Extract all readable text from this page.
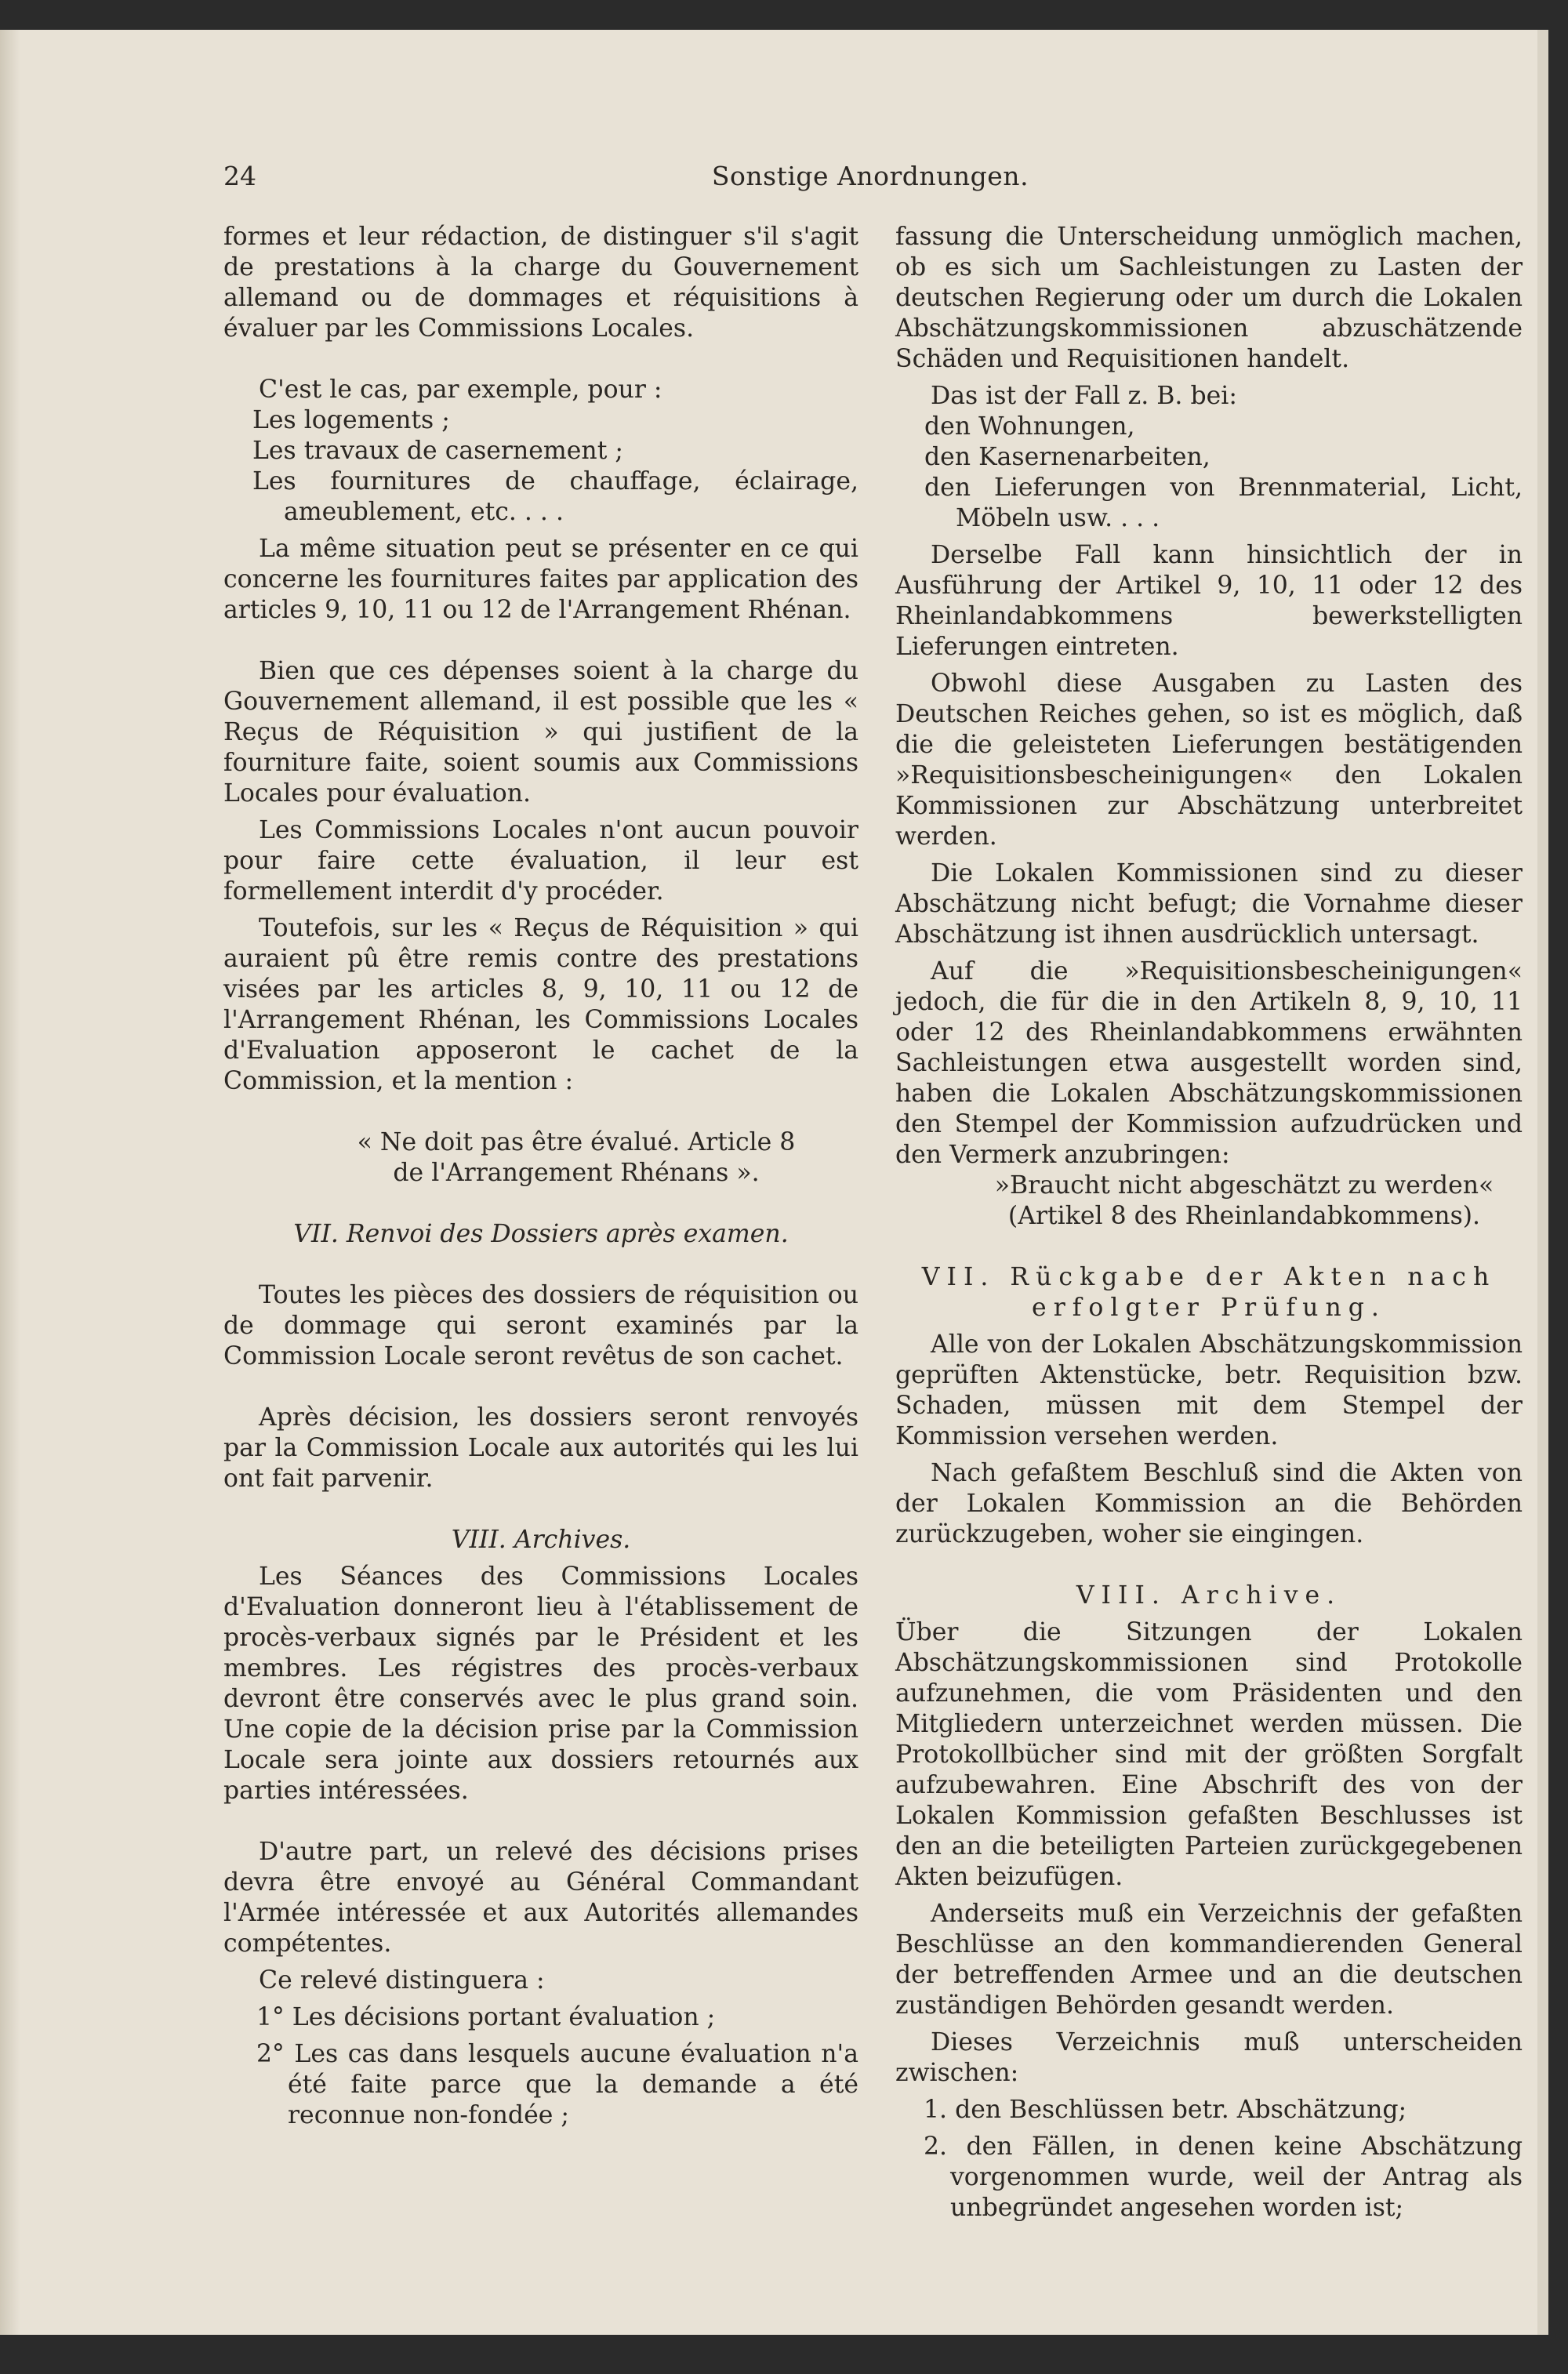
24	Sonstige Anordnungen.

formes et leur rédaction, de distinguer s'il s'agit de prestations à la charge du Gouvernement allemand ou de dommages et réquisitions à évaluer par les Commissions Locales.

C'est le cas, par exemple, pour :

Les logements ;

Les travaux de casernement ;

Les fournitures de chauffage, éclairage, ameublement, etc. . . .

La même situation peut se présenter en ce qui concerne les fournitures faites par application des articles 9, 10, 11 ou 12 de l'Arrangement Rhénan.

Bien que ces dépenses soient à la charge du Gouvernement allemand, il est possible que les « Reçus de Réquisition » qui justifient de la fourniture faite, soient soumis aux Commissions Locales pour évaluation.

Les Commissions Locales n'ont aucun pouvoir pour faire cette évaluation, il leur est formellement interdit d'y procéder.

Toutefois, sur les « Reçus de Réquisition » qui auraient pû être remis contre des prestations visées par les articles 8, 9, 10, 11 ou 12 de l'Arrangement Rhénan, les Commissions Locales d'Evaluation apposeront le cachet de la Commission, et la mention :

« Ne doit pas être évalué. Article 8

de l'Arrangement Rhénans ».

VII. Renvoi des Dossiers après examen.

Toutes les pièces des dossiers de réquisition ou de dommage qui seront examinés par la Commission Locale seront revêtus de son cachet.

Après décision, les dossiers seront renvoyés par la Commission Locale aux autorités qui les lui ont fait parvenir.

VIII. Archives.

Les Séances des Commissions Locales d'Evaluation donneront lieu à l'établissement de procès-verbaux signés par le Président et les membres. Les régistres des procès-verbaux devront être conservés avec le plus grand soin. Une copie de la décision prise par la Commission Locale sera jointe aux dossiers retournés aux parties intéressées.

D'autre part, un relevé des décisions prises devra être envoyé au Général Commandant l'Armée intéressée et aux Autorités allemandes compétentes.

Ce relevé distinguera :

1° Les décisions portant évaluation ;

2° Les cas dans lesquels aucune évaluation n'a été faite parce que la demande a été reconnue non-fondée ;

fassung die Unterscheidung unmöglich machen, ob es sich um Sachleistungen zu Lasten der deutschen Regierung oder um durch die Lokalen Abschätzungskommissionen abzuschätzende Schäden und Requisitionen handelt.

Das ist der Fall z. B. bei:

den Wohnungen,

den Kasernenarbeiten,

den Lieferungen von Brennmaterial, Licht, Möbeln usw. . . .

Derselbe Fall kann hinsichtlich der in Ausführung der Artikel 9, 10, 11 oder 12 des Rheinlandabkommens bewerkstelligten Lieferungen eintreten.

Obwohl diese Ausgaben zu Lasten des Deutschen Reiches gehen, so ist es möglich, daß die die geleisteten Lieferungen bestätigenden »Requisitionsbescheinigungen« den Lokalen Kommissionen zur Abschätzung unterbreitet werden.

Die Lokalen Kommissionen sind zu dieser Abschätzung nicht befugt; die Vornahme dieser Abschätzung ist ihnen ausdrücklich untersagt.

Auf die »Requisitionsbescheinigungen« jedoch, die für die in den Artikeln 8, 9, 10, 11 oder 12 des Rheinlandabkommens erwähnten Sachleistungen etwa ausgestellt worden sind, haben die Lokalen Abschätzungskommissionen den Stempel der Kommission aufzudrücken und den Vermerk anzubringen:

»Braucht nicht abgeschätzt zu werden«

(Artikel 8 des Rheinlandabkommens).

VII. Rückgabe der Akten nach erfolgter Prüfung.

Alle von der Lokalen Abschätzungskommission geprüften Aktenstücke, betr. Requisition bzw. Schaden, müssen mit dem Stempel der Kommission versehen werden.

Nach gefaßtem Beschluß sind die Akten von der Lokalen Kommission an die Behörden zurückzugeben, woher sie eingingen.

VIII. Archive.

Über die Sitzungen der Lokalen Abschätzungskommissionen sind Protokolle aufzunehmen, die vom Präsidenten und den Mitgliedern unterzeichnet werden müssen. Die Protokollbücher sind mit der größten Sorgfalt aufzubewahren. Eine Abschrift des von der Lokalen Kommission gefaßten Beschlusses ist den an die beteiligten Parteien zurückgegebenen Akten beizufügen.

Anderseits muß ein Verzeichnis der gefaßten Beschlüsse an den kommandierenden General der betreffenden Armee und an die deutschen zuständigen Behörden gesandt werden.

Dieses Verzeichnis muß unterscheiden zwischen:

1. den Beschlüssen betr. Abschätzung;

2. den Fällen, in denen keine Abschätzung vorgenommen wurde, weil der Antrag als unbegründet angesehen worden ist;
